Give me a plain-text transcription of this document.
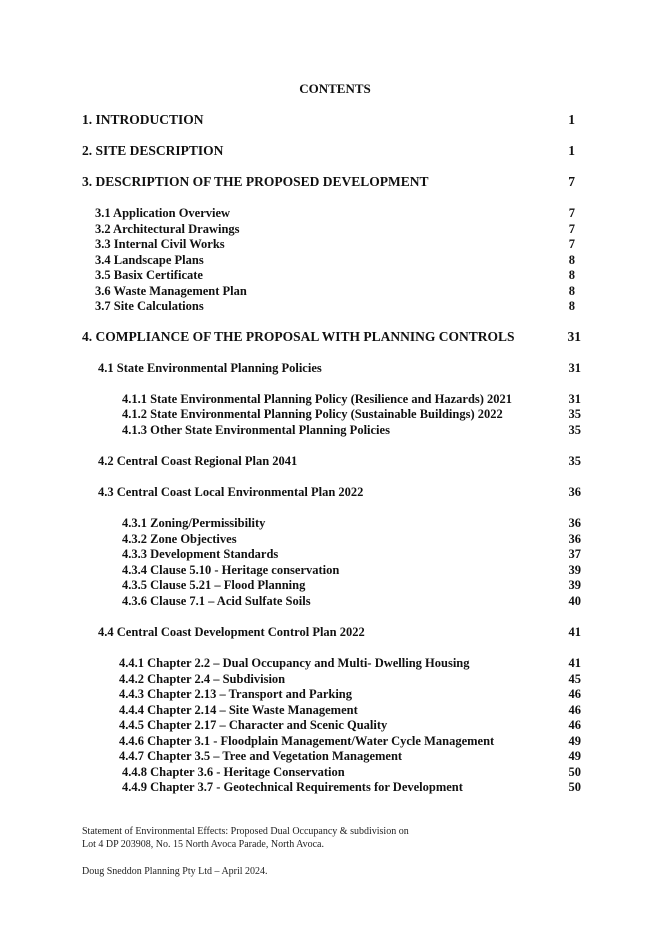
CONTENTS
1. INTRODUCTION	1
2. SITE DESCRIPTION	1
3. DESCRIPTION OF THE PROPOSED DEVELOPMENT	7
3.1 Application Overview	7
3.2 Architectural Drawings	7
3.3 Internal Civil Works	7
3.4 Landscape Plans	8
3.5 Basix Certificate	8
3.6 Waste Management Plan	8
3.7 Site Calculations	8
4. COMPLIANCE OF THE PROPOSAL WITH PLANNING CONTROLS	31
4.1 State Environmental Planning Policies	31
4.1.1 State Environmental Planning Policy (Resilience and Hazards) 2021	31
4.1.2 State Environmental Planning Policy (Sustainable Buildings) 2022	35
4.1.3 Other State Environmental Planning Policies	35
4.2 Central Coast Regional Plan 2041	35
4.3 Central Coast Local Environmental Plan 2022	36
4.3.1 Zoning/Permissibility	36
4.3.2 Zone Objectives	36
4.3.3 Development Standards	37
4.3.4 Clause 5.10 - Heritage conservation	39
4.3.5 Clause 5.21 – Flood Planning	39
4.3.6 Clause 7.1 – Acid Sulfate Soils	40
4.4 Central Coast Development Control Plan 2022	41
4.4.1 Chapter 2.2 – Dual Occupancy and Multi- Dwelling Housing	41
4.4.2 Chapter 2.4 – Subdivision	45
4.4.3 Chapter 2.13 – Transport and Parking	46
4.4.4 Chapter 2.14 – Site Waste Management	46
4.4.5 Chapter 2.17 – Character and Scenic Quality	46
4.4.6 Chapter 3.1 - Floodplain Management/Water Cycle Management	49
4.4.7 Chapter 3.5 – Tree and Vegetation Management	49
4.4.8 Chapter 3.6 - Heritage Conservation	50
4.4.9 Chapter 3.7 - Geotechnical Requirements for Development	50
Statement of Environmental Effects: Proposed Dual Occupancy & subdivision on
Lot 4 DP 203908, No. 15 North Avoca Parade, North Avoca.
Doug Sneddon Planning Pty Ltd – April 2024.
